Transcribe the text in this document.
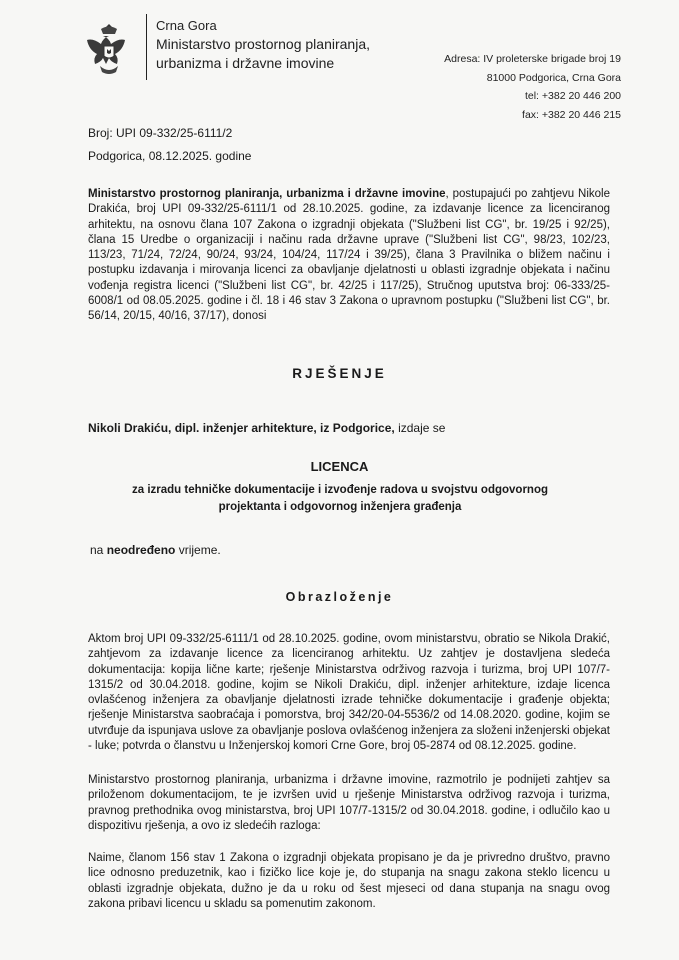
Crna Gora
Ministarstvo prostornog planiranja,
urbanizma i državne imovine	Adresa: IV proleterske brigade broj 19
81000 Podgorica, Crna Gora
tel: +382 20 446 200
fax: +382 20 446 215
Broj: UPI 09-332/25-6111/2
Podgorica, 08.12.2025. godine
Ministarstvo prostornog planiranja, urbanizma i državne imovine, postupajući po zahtjevu Nikole Drakića, broj UPI 09-332/25-6111/1 od 28.10.2025. godine, za izdavanje licence za licencirаnog arhitektu, na osnovu člana 107 Zakona o izgradnji objekata ("Službeni list CG", br. 19/25 i 92/25), člana 15 Uredbe o organizaciji i načinu rada državne uprave ("Službeni list CG", 98/23, 102/23, 113/23, 71/24, 72/24, 90/24, 93/24, 104/24, 117/24 i 39/25), člana 3 Pravilnika o bližem načinu i postupku izdavanja i mirovanja licenci za obavljanje djelatnosti u oblasti izgradnje objekata i načinu vođenja registra licenci ("Službeni list CG", br. 42/25 i 117/25), Stručnog uputstva broj: 06-333/25-6008/1 od 08.05.2025. godine i čl. 18 i 46 stav 3 Zakona o upravnom postupku ("Službeni list CG", br. 56/14, 20/15, 40/16, 37/17), donosi
RJEŠENJE
Nikoli Drakiću, dipl. inženjer arhitekture, iz Podgorice, izdaje se
LICENCA
za izradu tehničke dokumentacije i izvođenje radova u svojstvu odgovornog
projektanta i odgovornog inženjera građenja
na neodređeno vrijeme.
Obrazloženje
Aktom broj UPI 09-332/25-6111/1 od 28.10.2025. godine, ovom ministarstvu, obratio se Nikola Drakić, zahtjevom za izdavanje licence za licencirаnog arhitektu. Uz zahtjev je dostavljena sledeća dokumentacija: kopija lične karte; rješenje Ministarstva održivog razvoja i turizma, broj UPI 107/7-1315/2 od 30.04.2018. godine, kojim se Nikoli Drakiću, dipl. inženjer arhitekture, izdaje licenca ovlašćenog inženjera za obavljanje djelatnosti izrade tehničke dokumentacije i građenje objekta; rješenje Ministarstva saobraćaja i pomorstva, broj 342/20-04-5536/2 od 14.08.2020. godine, kojim se utvrđuje da ispunjava uslove za obavljanje poslova ovlašćenog inženjera za složeni inženjerski objekat - luke; potvrda o članstvu u Inženjerskoj komori Crne Gore, broj 05-2874 od 08.12.2025. godine.
Ministarstvo prostornog planiranja, urbanizma i državne imovine, razmotrilo je podnijeti zahtjev sa priloženom dokumentacijom, te je izvršen uvid u rješenje Ministarstva održivog razvoja i turizma, pravnog prethodnika ovog ministarstva, broj UPI 107/7-1315/2 od 30.04.2018. godine, i odlučilo kao u dispozitivu rješenja, a ovo iz sledećih razloga:
Naime, članom 156 stav 1 Zakona o izgradnji objekata propisano je da je privredno društvo, pravno lice odnosno preduzetnik, kao i fizičko lice koje je, do stupanja na snagu zakona steklo licencu u oblasti izgradnje objekata, dužno je da u roku od šest mjeseci od dana stupanja na snagu ovog zakona pribavi licencu u skladu sa pomenutim zakonom.
